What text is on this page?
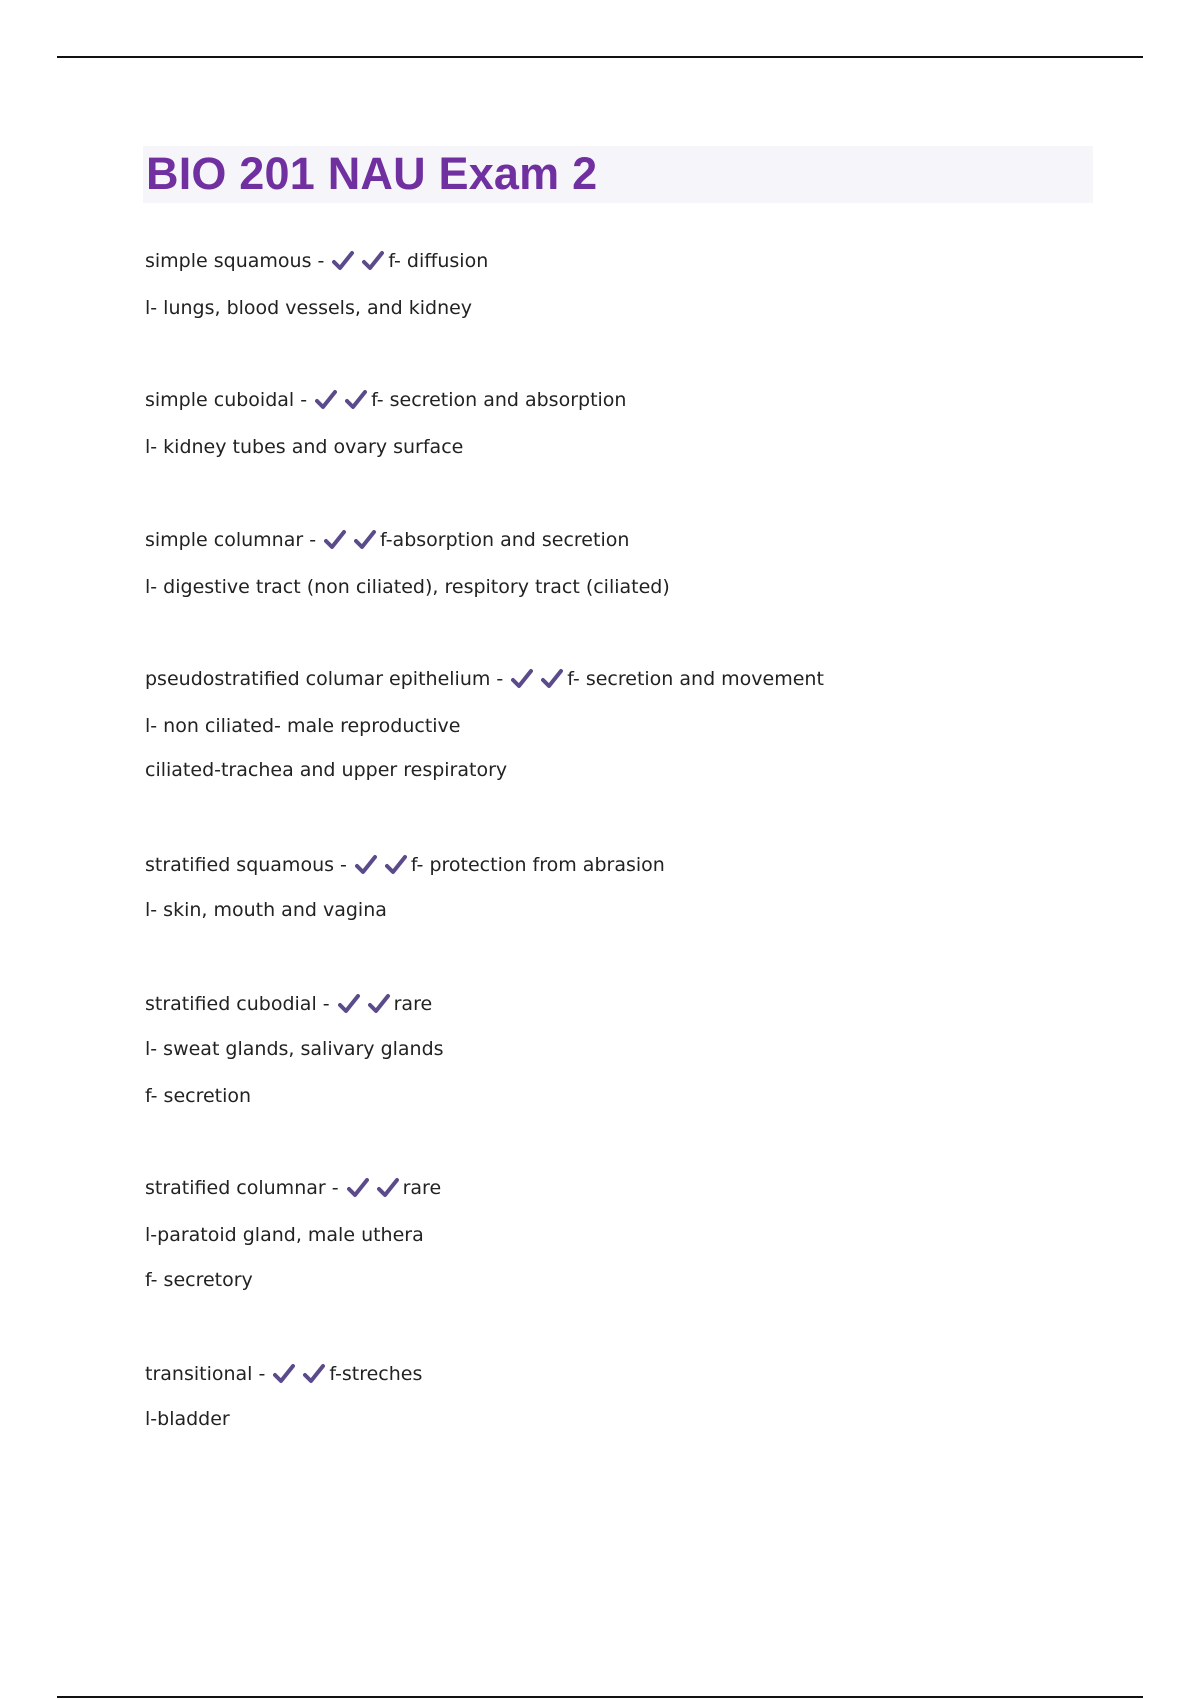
BIO 201 NAU Exam 2
simple squamous -	f- diffusion
l- lungs, blood vessels, and kidney
simple cuboidal -	f- secretion and absorption
l- kidney tubes and ovary surface
simple columnar -	f-absorption and secretion
l- digestive tract (non ciliated), respitory tract (ciliated)
pseudostratified columar epithelium -	f- secretion and movement
l- non ciliated- male reproductive
ciliated-trachea and upper respiratory
stratified squamous -	f- protection from abrasion
l- skin, mouth and vagina
stratified cubodial -	rare
l- sweat glands, salivary glands
f- secretion
stratified columnar -	rare
l-paratoid gland, male uthera
f- secretory
transitional -	f-streches
l-bladder
